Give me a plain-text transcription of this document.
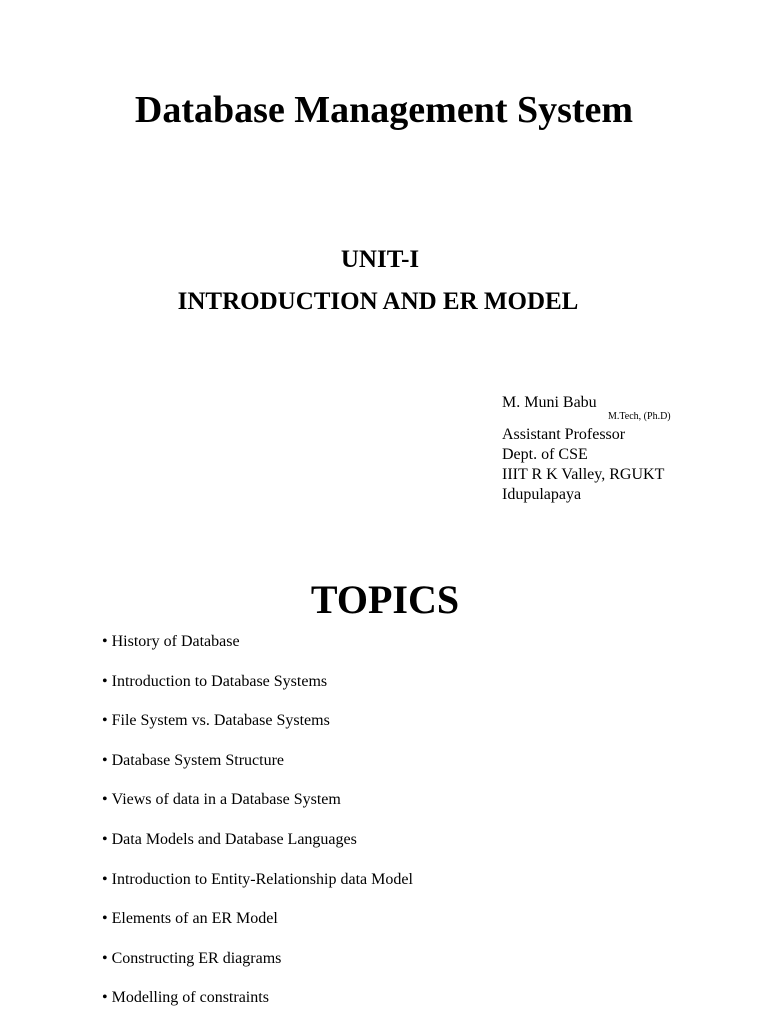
Database Management System
UNIT-I
INTRODUCTION AND ER MODEL
M. Muni Babu
M.Tech, (Ph.D)
Assistant Professor
Dept. of CSE
IIIT R K Valley, RGUKT
Idupulapaya
TOPICS
• History of Database
• Introduction to Database Systems
• File System vs. Database Systems
• Database System Structure
• Views of data in a Database System
• Data Models and Database Languages
• Introduction to Entity-Relationship data Model
• Elements of an ER Model
• Constructing ER diagrams
• Modelling of constraints
